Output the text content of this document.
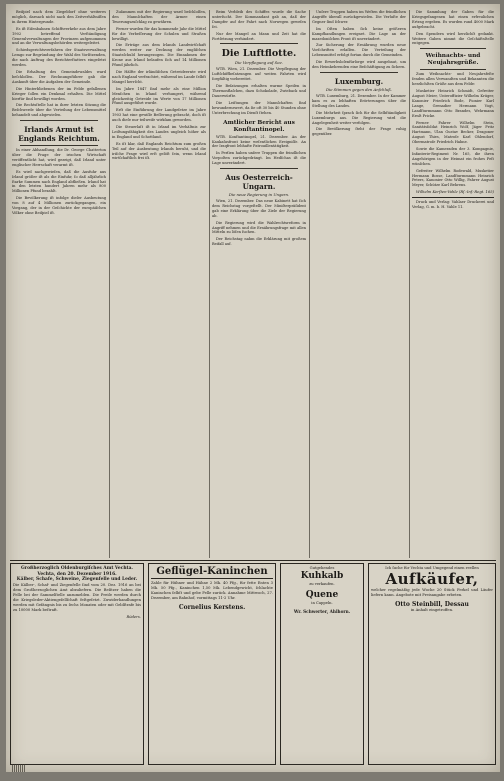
Beiſpiel nach dem Ziegeldorf ohne weiteres möglich, darnach nicht nach den Zeitverhältniſſen in ihrem Hintergrunde.

Es iſt Eiſenbahnen Schiffsverkehr aus dem Jahre 1902 betreffend Verſtändigung Generalverwaltungen der Provinzen aufgenommen und an die Verwaltungsbehörden weitergeleitet.

Schiedsgerichtsverfahren der Staatsverwaltung Lemgo zur Begründung der Wahl des Vorſitzenden, die nach Auftrag des Berichterſtatters eingeſetzt werden.

Die Erhaltung des Gemeindewaldes ward beſchloſſen. Der Rechnungsführer gab die Auskunft über die Aufgaben der Gemeinde.

Die Hinterbliebenen der im Felde gefallenen Krieger ſollen ein Denkmal erhalten. Die Mittel hierfür ſind bewilligt worden.

Die Rechtsſtelle hat in ihrer letzten Sitzung die Beſchwerde über die Verteilung der Lebensmittel behandelt und abgewieſen.

Irlands Armut ist Englands Reichtum.

In einer Abhandlung, die Dr. George Chatterton über die Frage der irischen Wirtschaft veröffentlicht hat, wird gezeigt, daß Irland unter englischer Herrschaft verarmt iſt.

Es wird nachgewieſen, daß die Ausfuhr aus Irland größer iſt als die Einfuhr, ſo daß alljährlich ſtarke Summen nach England abfließen. Irland hat in den letzten hundert Jahren mehr als 800 Millionen Pfund bezahlt.

Die Bevölkerung iſt infolge dieſer Ausbeutung von 8 auf 4 Millionen zurückgegangen, ein Vorgang, der in der Geſchichte der europäiſchen Völker ohne Beiſpiel iſt.

Zuſammen mit der Regierung ward beſchloſſen, den Mannſchaften der Armee einen Teuerungszuſchlag zu gewähren.

Ferner wurden für das kommende Jahr die Mittel für die Verbeſſerung der Schulen und Straßen bewilligt.

Die Erträge aus dem Irlands Landwirtſchaft werden weiter zur Deckung der engliſchen Staatsſchuld herangezogen. Die Einnahmen der Krone aus Irland belaufen ſich auf 14 Millionen Pfund jährlich.

Die Hälfte der irländiſchen Getreideernte wird nach England verfrachtet, während im Lande ſelbſt Mangel herrſcht.

Im Jahre 1847 ſind mehr als eine Million Menſchen in Irland verhungert, während gleichzeitig Getreide im Werte von 17 Millionen Pfund ausgeführt wurde.

Erſt die Einführung der Landgeſetze im Jahre 1903 hat eine gewiſſe Beſſerung gebracht, doch iſt auch dieſe nur teilweiſe wirkſam geworden.

Die Steuerlaſt iſt in Irland im Verhältnis zur Leiſtungsfähigkeit des Landes ungleich höher als in England und Schottland.

Es iſt klar, daß Englands Reichtum zum großen Teil auf der Ausbeutung Irlands beruht, und die iriſche Frage wird erſt gelöſt ſein, wenn Irland wirtſchaftlich frei iſt.

Beim Verbleib des Schiffes wurde die Sache unterſucht. Der Kommandant gab an, daß der Dampfer auf der Fahrt nach Norwegen geweſen ſei.

Nur der Mangel an Mann und Zeit hat die Fortſetzung verhindert.

Die Luftflotte.
Die Verpflegung auf See.

WTB. Wien, 21. Dezember. Die Verpflegung der Luftſchiffbeſatzungen auf weiten Fahrten wird ſorgfältig vorbereitet.

Die Beſatzungen erhalten warme Speiſen in Thermosflaſchen, dazu Schokolade, Zwieback und Dauerwürſte.

Die Leiſtungen der Mannſchaften ſind bewundernswert, da ſie oft 30 bis 40 Stunden ohne Unterbrechung im Dienſt ſtehen.

Amtlicher Bericht aus Konſtantinopel.

WTB. Konſtantinopel, 21. Dezember. An der Kaukaſusfront keine weſentlichen Ereigniſſe. An der Iraqfront lebhafte Patrouillentätigkeit.

In Perſien haben unſere Truppen die feindlichen Vorpoſten zurückgedrängt. Im Hedſchas iſt die Lage unverändert.

Aus Oesterreich-Ungarn.
Die neue Regierung in Ungarn.

Wien, 21. Dezember. Das neue Kabinett hat ſich dem Reichstag vorgeſtellt. Der Miniſterpräſident gab eine Erklärung über die Ziele der Regierung ab.

Die Regierung wird die Wahlrechtsreform in Angriff nehmen und die Ernährungsfrage mit allen Mitteln zu löſen ſuchen.

Der Reichstag nahm die Erklärung mit großem Beifall auf.

Unſere Truppen haben im Weſten die feindlichen Angriffe überall zurückgewieſen. Die Verluſte der Gegner ſind ſchwer.

Im Oſten haben ſich keine größeren Kampfhandlungen ereignet. Die Lage an der mazedoniſchen Front iſt unverändert.

Zur Sicherung der Ernährung wurden neue Vorſchriften erlaſſen. Die Verteilung der Lebensmittel erfolgt fortan durch die Gemeinden.

Die Erwerbsloſenfürſorge wird ausgebaut, um den Heimkehrenden eine Beſchäftigung zu ſichern.

Luxemburg.
Die Stimmen gegen den Anſchluß.

WTB. Luxemburg, 21. Dezember. In der Kammer kam es zu lebhaften Erörterungen über die Stellung des Landes.

Die Mehrheit ſprach ſich für die Selbſtändigkeit Luxemburgs aus. Die Regierung wird die Angelegenheit weiter verfolgen.

Die Bevölkerung ſteht der Frage ruhig gegenüber.

Die Sammlung der Gaben für die Kriegsgefangenen hat einen erfreulichen Ertrag ergeben. Es wurden rund 4000 Mark aufgebracht.

Den Spendern wird herzlichſt gedankt. Weitere Gaben nimmt die Geſchäftsſtelle entgegen.

Weihnachts- und Neujahrsgrüße.

Zum Weihnachts- und Neujahrsfeſte ſenden allen Verwandten und Bekannten die herzlichſten Grüße aus dem Felde:

Musketier Heinrich Schmidt, Gefreiter August Meier, Unteroffizier Wilhelm Krüger, Kanonier Friedrich Bode, Pionier Karl Lange, Grenadier Hermann Vogt, Landſturmmann Otto Brandes, Wehrmann Ernſt Fricke.

Ferner: Fahrer Wilhelm Stein, Sanitätsſoldat Heinrich Wolf, Jäger Fritz Hartmann, Ulan Gustav Becker, Dragoner August Thies, Matroſe Karl Ohlendorf, Obermatroſe Friedrich Hahne.

Sowie die Kameraden der 3. Kompagnie, Infanterie-Regiment Nr. 165, die ihren Angehörigen in der Heimat ein frohes Feſt wünſchen.

Gefreiter Wilhelm Rodewald, Musketier Hermann Bosse, Landſturmmann Heinrich Peters, Kanonier Otto Willig, Fahrer August Meyer, Schütze Karl Behrens.

Wilhelm Kerſten-Vahle (Rſ.-Inf.-Regt. 165)

Druck und Verlag: Vahlaer Druckerei und Verlag, G. m. b. H. Vahle 11.

Großherzoglich Oldenburgiſches Amt Vechta.
Vechta, den 20. Dezember 1916.
Kälber, Schafe, Schweine, Ziegenfelle und Leder.
Die Kälber-, Schaf- und Ziegenfelle ſind vom 20. Dez. 1916 an bei dem Großherzoglichen Amt abzuliefern. Die Beſitzer haben die Felle bei der Sammelſtelle anzumelden. Die Preiſe werden durch die Kriegsleder-Aktiengeſellſchaft feſtgeſetzt. Zuwiderhandlungen werden mit Gefängnis bis zu ſechs Monaten oder mit Geldſtrafe bis zu 10000 Mark beſtraft.
Rüders.
Geflügel-Kaninchen
Zahle für Hühner und Hähne 2 Mk. 40 Pfg., für fette Enten 3 Mk. 50 Pfg., Kaninchen 1,50 Mk. Lebendgewicht, ſchlachte Kaninchen ſelbſt und gebe Felle zurück. Annahme Mittwoch, 27. Dezember, am Bahnhof, vormittags 11-2 Uhr.
Cornelius Kerstens.
Gutgehendes
Kuhkalb
zu verkaufen.
Quene
in Cappeln.
Wr. Schwerter, Ahlhorn.
Ich ſuche für Vechta und Umgegend einen reellen
Aufkäufer,
welcher regelmäßig jede Woche 20 Stück Ferkel und Läufer liefern kann. Angebote mit Preisangabe erbeten.
Otto Steinbill, Dessau
in Anhalt eingetroffen.
